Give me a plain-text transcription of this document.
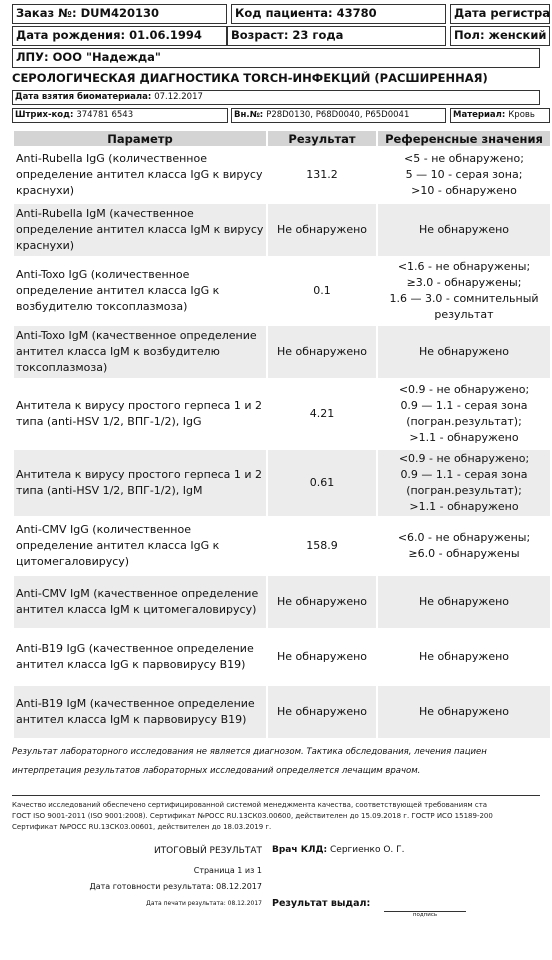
Заказ №: DUM420130	Код пациента: 43780	Дата регистра
Дата рождения: 01.06.1994	Возраст: 23 года	Пол: женский
ЛПУ: ООО "Надежда"
СЕРОЛОГИЧЕСКАЯ ДИАГНОСТИКА TORCH-ИНФЕКЦИЙ (РАСШИРЕННАЯ)
Дата взятия биоматериала: 07.12.2017
Штрих-код: 374781 6543	Вн.№: P28D0130, P68D0040, P65D0041	Материал: Кровь
Параметр	Результат	Референсные значения
Anti-Rubella IgG (количественное определение антител класса IgG к вирусу краснухи)	131.2	<5 - не обнаружено;
5 — 10 - серая зона;
>10 - обнаружено
Anti-Rubella IgM (качественное определение антител класса IgM к вирусу краснухи)	Не обнаружено	Не обнаружено
Anti-Toxo IgG (количественное определение антител класса IgG к возбудителю токсоплазмоза)	0.1	<1.6 - не обнаружены;
≥3.0 - обнаружены;
1.6 — 3.0 - сомнительный результат
Anti-Toxo IgM (качественное определение антител класса IgM к возбудителю токсоплазмоза)	Не обнаружено	Не обнаружено
Антитела к вирусу простого герпеса 1 и 2 типа (anti-HSV 1/2, ВПГ-1/2), IgG	4.21	<0.9 - не обнаружено;
0.9 — 1.1 - серая зона
(погран.результат);
>1.1 - обнаружено
Антитела к вирусу простого герпеса 1 и 2 типа (anti-HSV 1/2, ВПГ-1/2), IgM	0.61	<0.9 - не обнаружено;
0.9 — 1.1 - серая зона
(погран.результат);
>1.1 - обнаружено
Anti-CMV IgG (количественное определение антител класса IgG к цитомегаловирусу)	158.9	<6.0 - не обнаружены;
≥6.0 - обнаружены
Anti-CMV IgM (качественное определение антител класса IgM к цитомегаловирусу)	Не обнаружено	Не обнаружено
Anti-B19 IgG (качественное определение антител класса IgG к парвовирусу B19)	Не обнаружено	Не обнаружено
Anti-B19 IgM (качественное определение антител класса IgM к парвовирусу B19)	Не обнаружено	Не обнаружено
Результат лабораторного исследования не является диагнозом. Тактика обследования, лечения пациен
интерпретация результатов лабораторных исследований определяется лечащим врачом.
Качество исследований обеспечено сертифицированной системой менеджмента качества, соответствующей требованиям ста
ГОСТ ISO 9001-2011 (ISO 9001:2008). Сертификат №РОСС RU.13СК03.00600, действителен до 15.09.2018 г. ГОСТР ИСО 15189-200
Сертификат №РОСС RU.13СК03.00601, действителен до 18.03.2019 г.
ИТОГОВЫЙ РЕЗУЛЬТАТ Врач КЛД: Сергиенко О. Г.
Страница 1 из 1
Дата готовности результата: 08.12.2017
Дата печати результата: 08.12.2017 Результат выдал:
подпись
